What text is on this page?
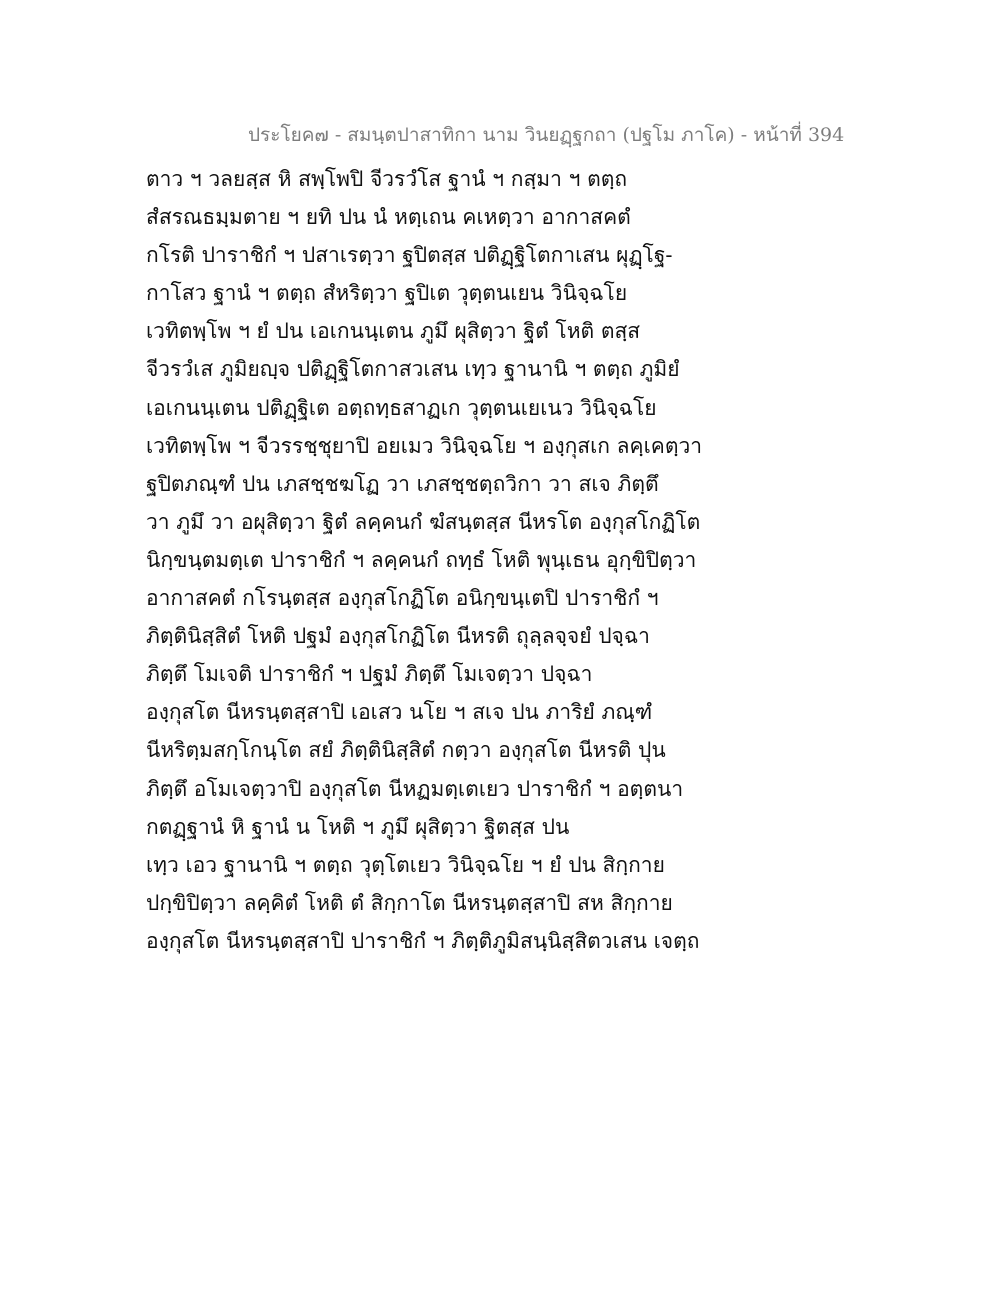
ประโยค๗ - สมนฺตปาสาทิกา นาม วินยฏฺฐกถา (ปฐโม ภาโค) - หน้าที่ 394
ตาว ฯ วลยสฺส หิ สพฺโพปิ จีวรวํโส ฐานํ ฯ กสฺมา ฯ ตตฺถ
สํสรณธมฺมตาย ฯ ยทิ ปน นํ หตฺเถน คเหตฺวา อากาสคตํ
กโรติ ปาราชิกํ ฯ ปสาเรตฺวา ฐปิตสฺส ปติฏฺฐิโตกาเสน ผุฏฺโฐ-
กาโสว ฐานํ ฯ ตตฺถ สํหริตฺวา ฐปิเต วุตฺตนเยน วินิจฺฉโย
เวทิตพฺโพ ฯ ยํ ปน เอเกนนฺเตน ภูมึ ผุสิตฺวา ฐิตํ โหติ ตสฺส
จีวรวํเส ภูมิยญฺจ ปติฏฺฐิโตกาสวเสน เทฺว ฐานานิ ฯ ตตฺถ ภูมิยํ
เอเกนนฺเตน ปติฏฺฐิเต อตฺถทฺธสาฏเก วุตฺตนเยเนว วินิจฺฉโย
เวทิตพฺโพ ฯ จีวรรชฺชุยาปิ อยเมว วินิจฺฉโย ฯ องฺกุสเก ลคฺเคตฺวา
ฐปิตภณฺฑํ ปน เภสชฺชฆโฏ วา เภสชฺชตฺถวิกา วา สเจ ภิตฺตึ
วา ภูมึ วา อผุสิตฺวา ฐิตํ ลคฺคนกํ ฆํสนฺตสฺส นีหรโต องฺกุสโกฏิโต
นิกฺขนฺตมตฺเต ปาราชิกํ ฯ ลคฺคนกํ ถทฺธํ โหติ พุนฺเธน อุกฺขิปิตฺวา
อากาสคตํ กโรนฺตสฺส องฺกุสโกฏิโต อนิกฺขนฺเตปิ ปาราชิกํ ฯ
ภิตฺตินิสฺสิตํ โหติ ปฐมํ องฺกุสโกฏิโต นีหรติ ถุลฺลจฺจยํ ปจฺฉา
ภิตฺตึ โมเจติ ปาราชิกํ ฯ ปฐมํ ภิตฺตึ โมเจตฺวา ปจฺฉา
องฺกุสโต นีหรนฺตสฺสาปิ เอเสว นโย ฯ สเจ ปน ภาริยํ ภณฺฑํ
นีหริตฺมสกฺโกนฺโต สยํ ภิตฺตินิสฺสิตํ กตฺวา องฺกุสโต นีหรติ ปุน
ภิตฺตึ อโมเจตฺวาปิ องฺกุสโต นีหฏมตฺเตเยว ปาราชิกํ ฯ อตฺตนา
กตฏฺฐานํ หิ ฐานํ น โหติ ฯ ภูมึ ผุสิตฺวา ฐิตสฺส ปน
เทฺว เอว ฐานานิ ฯ ตตฺถ วุตฺโตเยว วินิจฺฉโย ฯ ยํ ปน สิกฺกาย
ปกฺขิปิตฺวา ลคฺคิตํ โหติ ตํ สิกฺกาโต นีหรนฺตสฺสาปิ สห สิกฺกาย
องฺกุสโต นีหรนฺตสฺสาปิ ปาราชิกํ ฯ ภิตฺติภูมิสนฺนิสฺสิตวเสน เจตฺถ
